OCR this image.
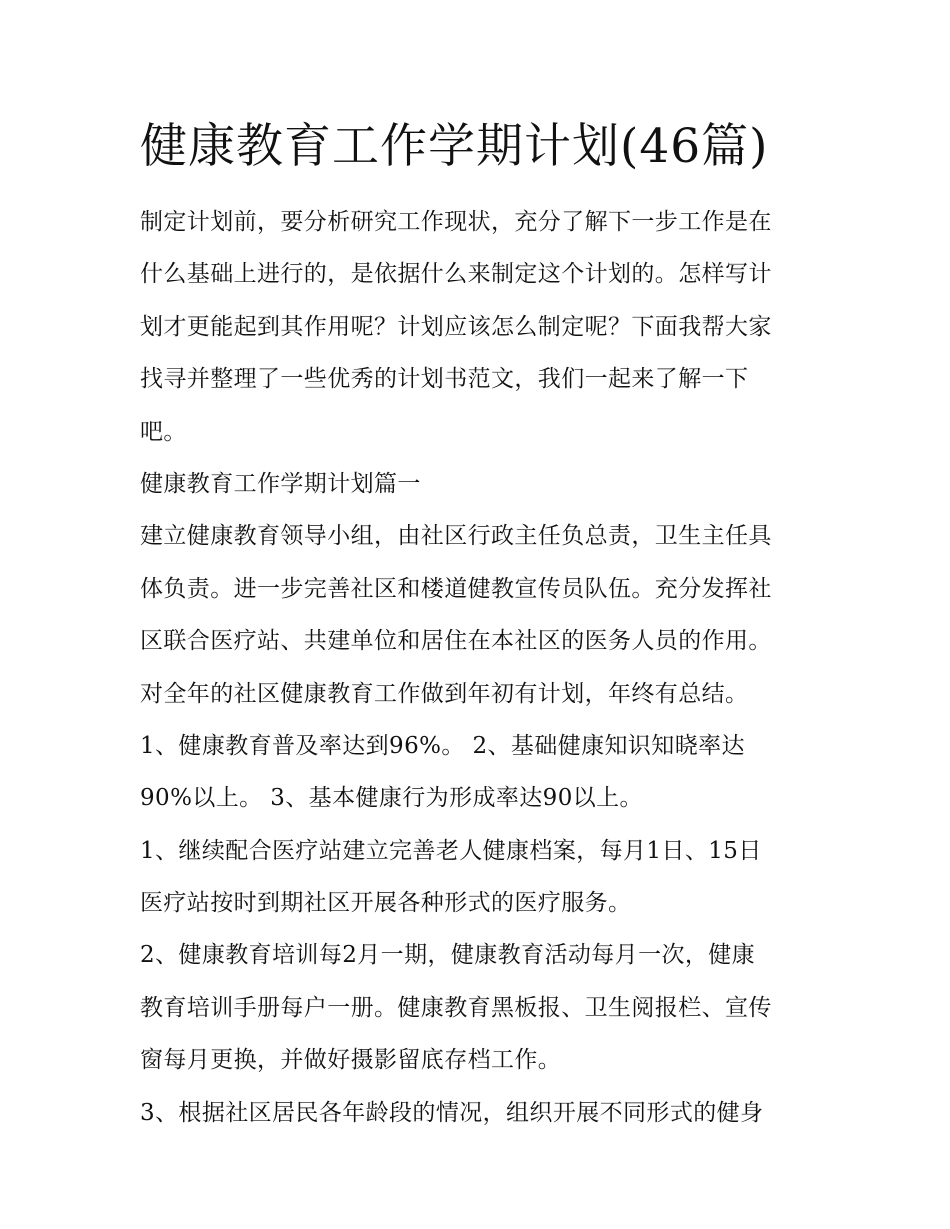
健康教育工作学期计划(46篇)
制定计划前，要分析研究工作现状，充分了解下一步工作是在
什么基础上进行的，是依据什么来制定这个计划的。怎样写计
划才更能起到其作用呢？计划应该怎么制定呢？下面我帮大家
找寻并整理了一些优秀的计划书范文，我们一起来了解一下
吧。
健康教育工作学期计划篇一
建立健康教育领导小组，由社区行政主任负总责，卫生主任具
体负责。进一步完善社区和楼道健教宣传员队伍。充分发挥社
区联合医疗站、共建单位和居住在本社区的医务人员的作用。
对全年的社区健康教育工作做到年初有计划，年终有总结。
1、健康教育普及率达到96%。 2、基础健康知识知晓率达
90%以上。 3、基本健康行为形成率达90以上。
1、继续配合医疗站建立完善老人健康档案，每月1日、15日
医疗站按时到期社区开展各种形式的医疗服务。
2、健康教育培训每2月一期，健康教育活动每月一次，健康
教育培训手册每户一册。健康教育黑板报、卫生阅报栏、宣传
窗每月更换，并做好摄影留底存档工作。
3、根据社区居民各年龄段的情况，组织开展不同形式的健身
